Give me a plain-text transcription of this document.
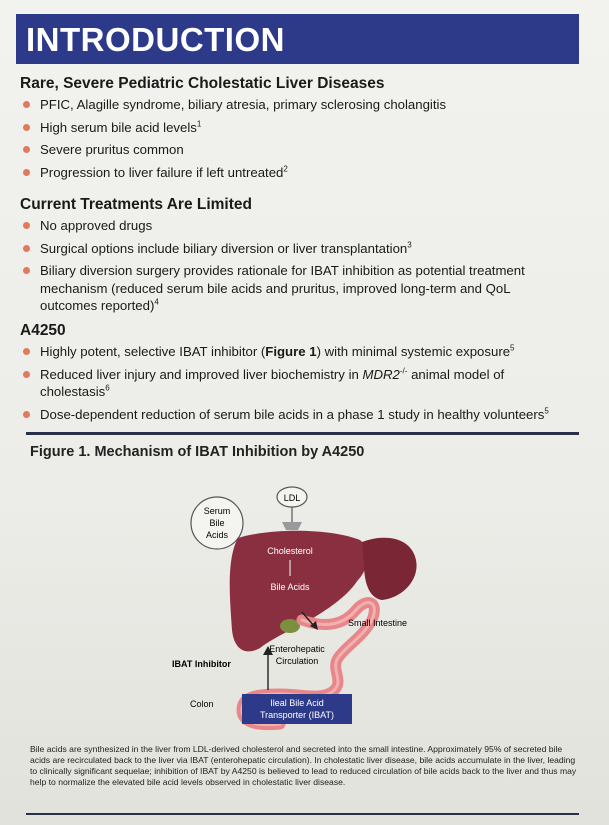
INTRODUCTION
Rare, Severe Pediatric Cholestatic Liver Diseases
PFIC, Alagille syndrome, biliary atresia, primary sclerosing cholangitis
High serum bile acid levels$^1$
Severe pruritus common
Progression to liver failure if left untreated$^2$
Current Treatments Are Limited
No approved drugs
Surgical options include biliary diversion or liver transplantation$^3$
Biliary diversion surgery provides rationale for IBAT inhibition as potential treatment mechanism (reduced serum bile acids and pruritus, improved long-term and QoL outcomes reported)$^4$
A4250
Highly potent, selective IBAT inhibitor (Figure 1) with minimal systemic exposure$^5$
Reduced liver injury and improved liver biochemistry in MDR2-/- animal model of cholestasis$^6$
Dose-dependent reduction of serum bile acids in a phase 1 study in healthy volunteers$^5$
Figure 1. Mechanism of IBAT Inhibition by A4250
LDL
Serum
Bile
Acids
Cholesterol
Bile Acids
Small Intestine
Enterohepatic
Circulation
IBAT Inhibitor
Colon	Ileal Bile Acid
Transporter (IBAT)
Bile acids are synthesized in the liver from LDL-derived cholesterol and secreted into the small intestine. Approximately 95% of secreted bile acids are recirculated back to the liver via IBAT (enterohepatic circulation). In cholestatic liver disease, bile acids accumulate in the liver, leading to clinically significant sequelae; inhibition of IBAT by A4250 is believed to lead to reduced circulation of bile acids back to the liver and thus may help to normalize the elevated bile acid levels observed in cholestatic liver disease.
